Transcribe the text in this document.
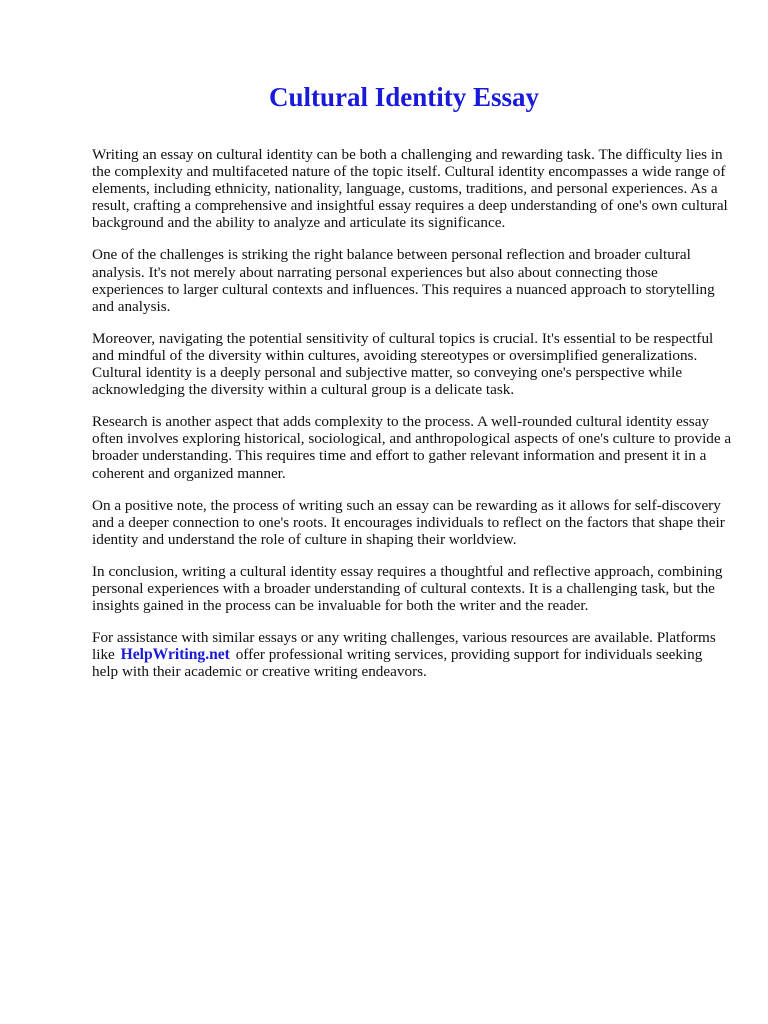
Cultural Identity Essay

Writing an essay on cultural identity can be both a challenging and rewarding task. The difficulty lies in the complexity and multifaceted nature of the topic itself. Cultural identity encompasses a wide range of elements, including ethnicity, nationality, language, customs, traditions, and personal experiences. As a result, crafting a comprehensive and insightful essay requires a deep understanding of one's own cultural background and the ability to analyze and articulate its significance.

One of the challenges is striking the right balance between personal reflection and broader cultural analysis. It's not merely about narrating personal experiences but also about connecting those experiences to larger cultural contexts and influences. This requires a nuanced approach to storytelling and analysis.

Moreover, navigating the potential sensitivity of cultural topics is crucial. It's essential to be respectful and mindful of the diversity within cultures, avoiding stereotypes or oversimplified generalizations. Cultural identity is a deeply personal and subjective matter, so conveying one's perspective while acknowledging the diversity within a cultural group is a delicate task.

Research is another aspect that adds complexity to the process. A well-rounded cultural identity essay often involves exploring historical, sociological, and anthropological aspects of one's culture to provide a broader understanding. This requires time and effort to gather relevant information and present it in a coherent and organized manner.

On a positive note, the process of writing such an essay can be rewarding as it allows for self-discovery and a deeper connection to one's roots. It encourages individuals to reflect on the factors that shape their identity and understand the role of culture in shaping their worldview.

In conclusion, writing a cultural identity essay requires a thoughtful and reflective approach, combining personal experiences with a broader understanding of cultural contexts. It is a challenging task, but the insights gained in the process can be invaluable for both the writer and the reader.

For assistance with similar essays or any writing challenges, various resources are available. Platforms like HelpWriting.net offer professional writing services, providing support for individuals seeking help with their academic or creative writing endeavors.
